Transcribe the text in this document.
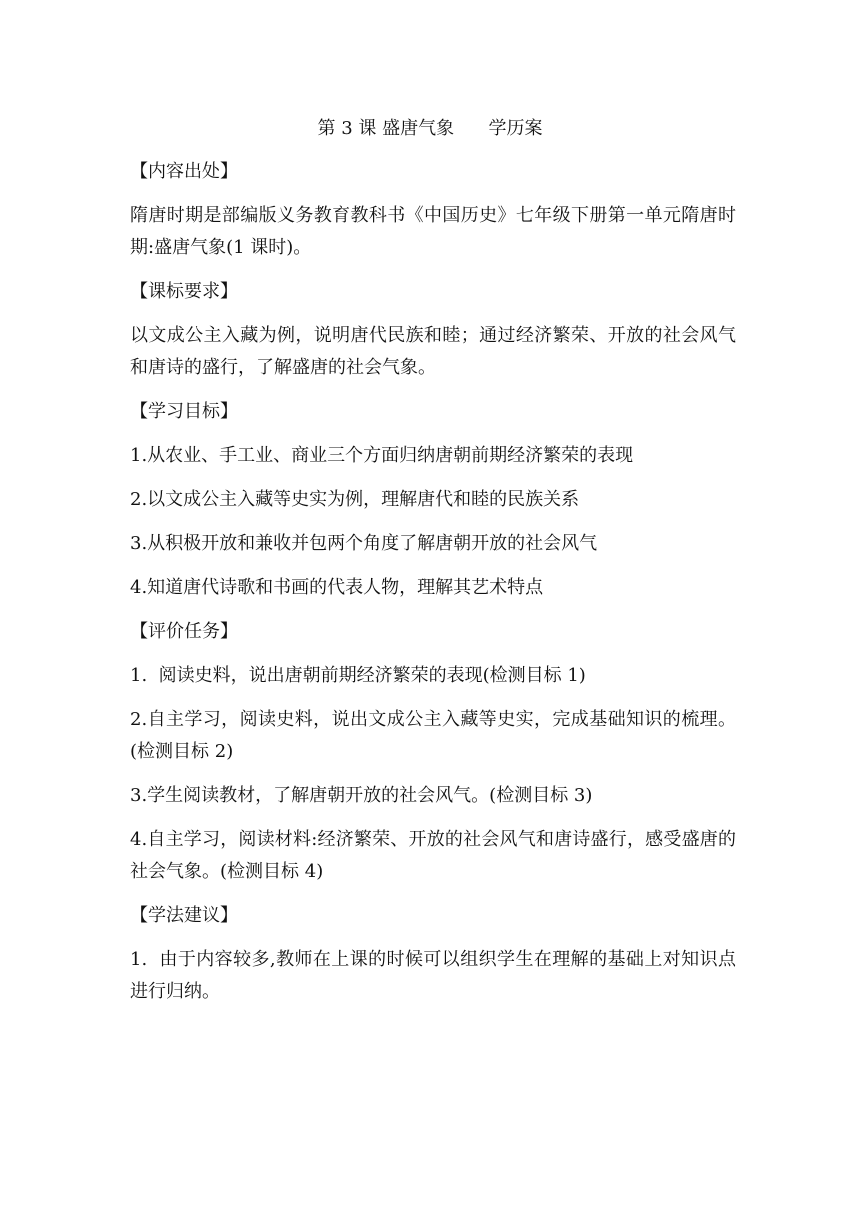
第 3 课 盛唐气象      学历案

【内容出处】

隋唐时期是部编版义务教育教科书《中国历史》七年级下册第一单元隋唐时期:盛唐气象(1 课时)。

【课标要求】

以文成公主入藏为例，说明唐代民族和睦；通过经济繁荣、开放的社会风气和唐诗的盛行，了解盛唐的社会气象。

【学习目标】

1.从农业、手工业、商业三个方面归纳唐朝前期经济繁荣的表现

2.以文成公主入藏等史实为例，理解唐代和睦的民族关系

3.从积极开放和兼收并包两个角度了解唐朝开放的社会风气

4.知道唐代诗歌和书画的代表人物，理解其艺术特点

【评价任务】

1.  阅读史料，说出唐朝前期经济繁荣的表现(检测目标 1)

2.自主学习，阅读史料，说出文成公主入藏等史实，完成基础知识的梳理。(检测目标 2)

3.学生阅读教材，了解唐朝开放的社会风气。(检测目标 3)

4.自主学习，阅读材料:经济繁荣、开放的社会风气和唐诗盛行，感受盛唐的社会气象。(检测目标 4)

【学法建议】

1.  由于内容较多,教师在上课的时候可以组织学生在理解的基础上对知识点进行归纳。
